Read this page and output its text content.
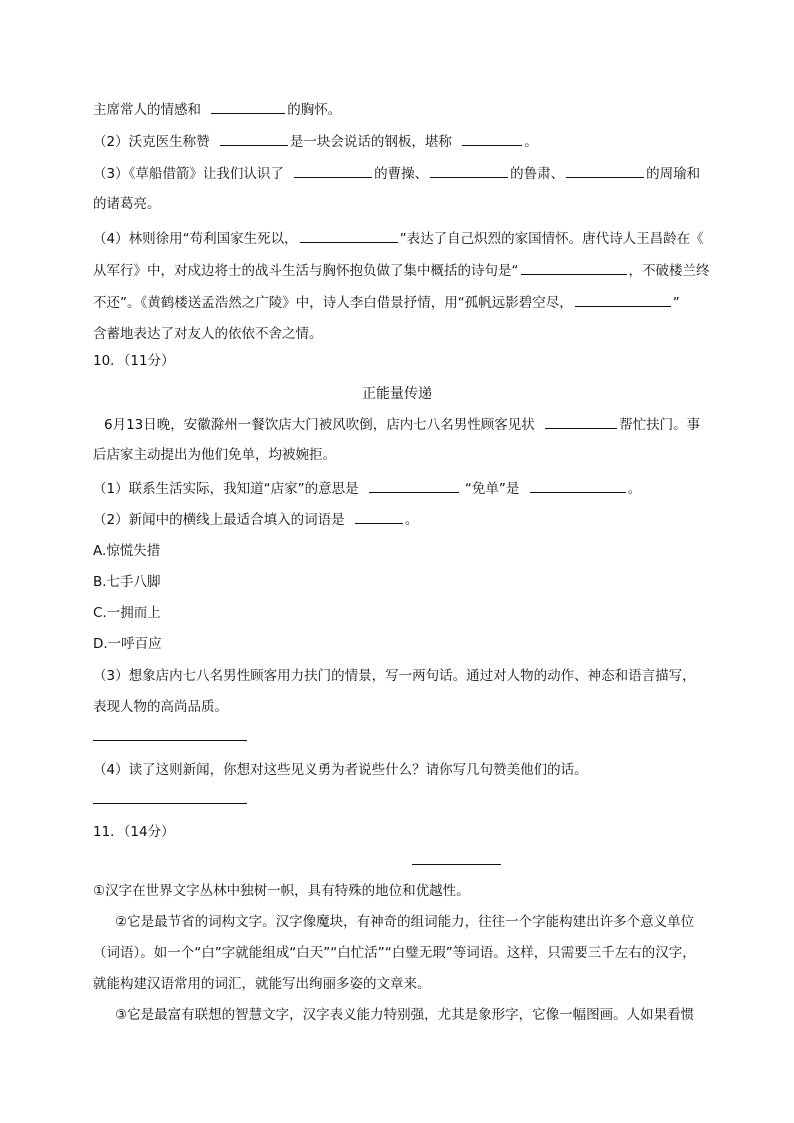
主席常人的情感和	的胸怀。
（2）沃克医生称赞	是一块会说话的钢板，堪称	。
（3）《草船借箭》让我们认识了	的曹操、	的鲁肃、	的周瑜和
的诸葛亮。
（4）林则徐用“苟利国家生死以，	”表达了自己炽烈的家国情怀。唐代诗人王昌龄在《
从军行》中，对戍边将士的战斗生活与胸怀抱负做了集中概括的诗句是“	，不破楼兰终
不还”。《黄鹤楼送孟浩然之广陵》中，诗人李白借景抒情，用“孤帆远影碧空尽，	”
含蓄地表达了对友人的依依不舍之情。
10．（11分）
正能量传递
6月13日晚，安徽滁州一餐饮店大门被风吹倒，店内七八名男性顾客见状	帮忙扶门。事
后店家主动提出为他们免单，均被婉拒。
（1）联系生活实际，我知道“店家”的意思是	“免单”是	。
（2）新闻中的横线上最适合填入的词语是	。
A.惊慌失措
B.七手八脚
C.一拥而上
D.一呼百应
（3）想象店内七八名男性顾客用力扶门的情景，写一两句话。通过对人物的动作、神态和语言描写，
表现人物的高尚品质。
（4）读了这则新闻，你想对这些见义勇为者说些什么？请你写几句赞美他们的话。
11．（14分）
①汉字在世界文字丛林中独树一帜，具有特殊的地位和优越性。
②它是最节省的词构文字。汉字像魔块，有神奇的组词能力，往往一个字能构建出许多个意义单位
（词语）。如一个“白”字就能组成“白天”“白忙活”“白璧无瑕”等词语。这样，只需要三千左右的汉字，
就能构建汉语常用的词汇，就能写出绚丽多姿的文章来。
③它是最富有联想的智慧文字，汉字表义能力特别强，尤其是象形字，它像一幅图画。人如果看惯
